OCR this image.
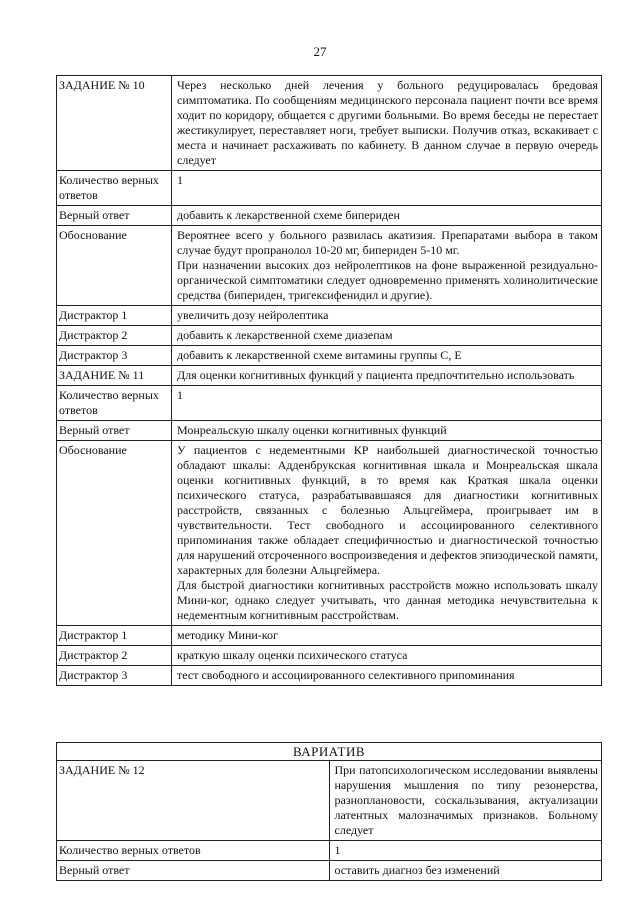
27
ЗАДАНИЕ № 10	Через несколько дней лечения у больного редуцировалась бредовая симптоматика. По сообщениям медицинского персонала пациент почти все время ходит по коридору, общается с другими больными. Во время беседы не перестает жестикулирует, переставляет ноги, требует выписки. Получив отказ, вскакивает с места и начинает расхаживать по кабинету. В данном случае в первую очередь следует
Количество верных ответов	1
Верный ответ	добавить к лекарственной схеме бипериден
Обоснование	Вероятнее всего у больного развилась акатизия. Препаратами выбора в таком случае будут пропранолол 10-20 мг, бипериден 5-10 мг.
При назначении высоких доз нейролептиков на фоне выраженной резидуально-органической симптоматики следует одновременно применять холинолитические средства (бипериден, тригексифенидил и другие).

Дистрактор 1	увеличить дозу нейролептика
Дистрактор 2	добавить к лекарственной схеме диазепам
Дистрактор 3	добавить к лекарственной схеме витамины группы С, Е
ЗАДАНИЕ № 11	Для оценки когнитивных функций у пациента предпочтительно использовать
Количество верных ответов	1
Верный ответ	Монреальскую шкалу оценки когнитивных функций
Обоснование	У пациентов с недементными КР наибольшей диагностической точностью обладают шкалы: Адденбрукская когнитивная шкала и Монреальская шкала оценки когнитивных функций, в то время как Краткая шкала оценки психического статуса, разрабатывавшаяся для диагностики когнитивных расстройств, связанных с болезнью Альцгеймера, проигрывает им в чувствительности. Тест свободного и ассоциированного селективного припоминания также обладает специфичностью и диагностической точностью для нарушений отсроченного воспроизведения и дефектов эпизодической памяти, характерных для болезни Альцгеймера.
Для быстрой диагностики когнитивных расстройств можно использовать шкалу Мини-ког, однако следует учитывать, что данная методика нечувствительна к недементным когнитивным расстройствам.

Дистрактор 1	методику Мини-ког
Дистрактор 2	краткую шкалу оценки психического статуса
Дистрактор 3	тест свободного и ассоциированного селективного припоминания
ВАРИАТИВ	
ЗАДАНИЕ № 12	При патопсихологическом исследовании выявлены нарушения мышления по типу резонерства, разноплановости, соскальзывания, актуализации латентных малозначимых признаков. Больному следует
Количество верных ответов	1
Верный ответ	оставить диагноз без изменений
